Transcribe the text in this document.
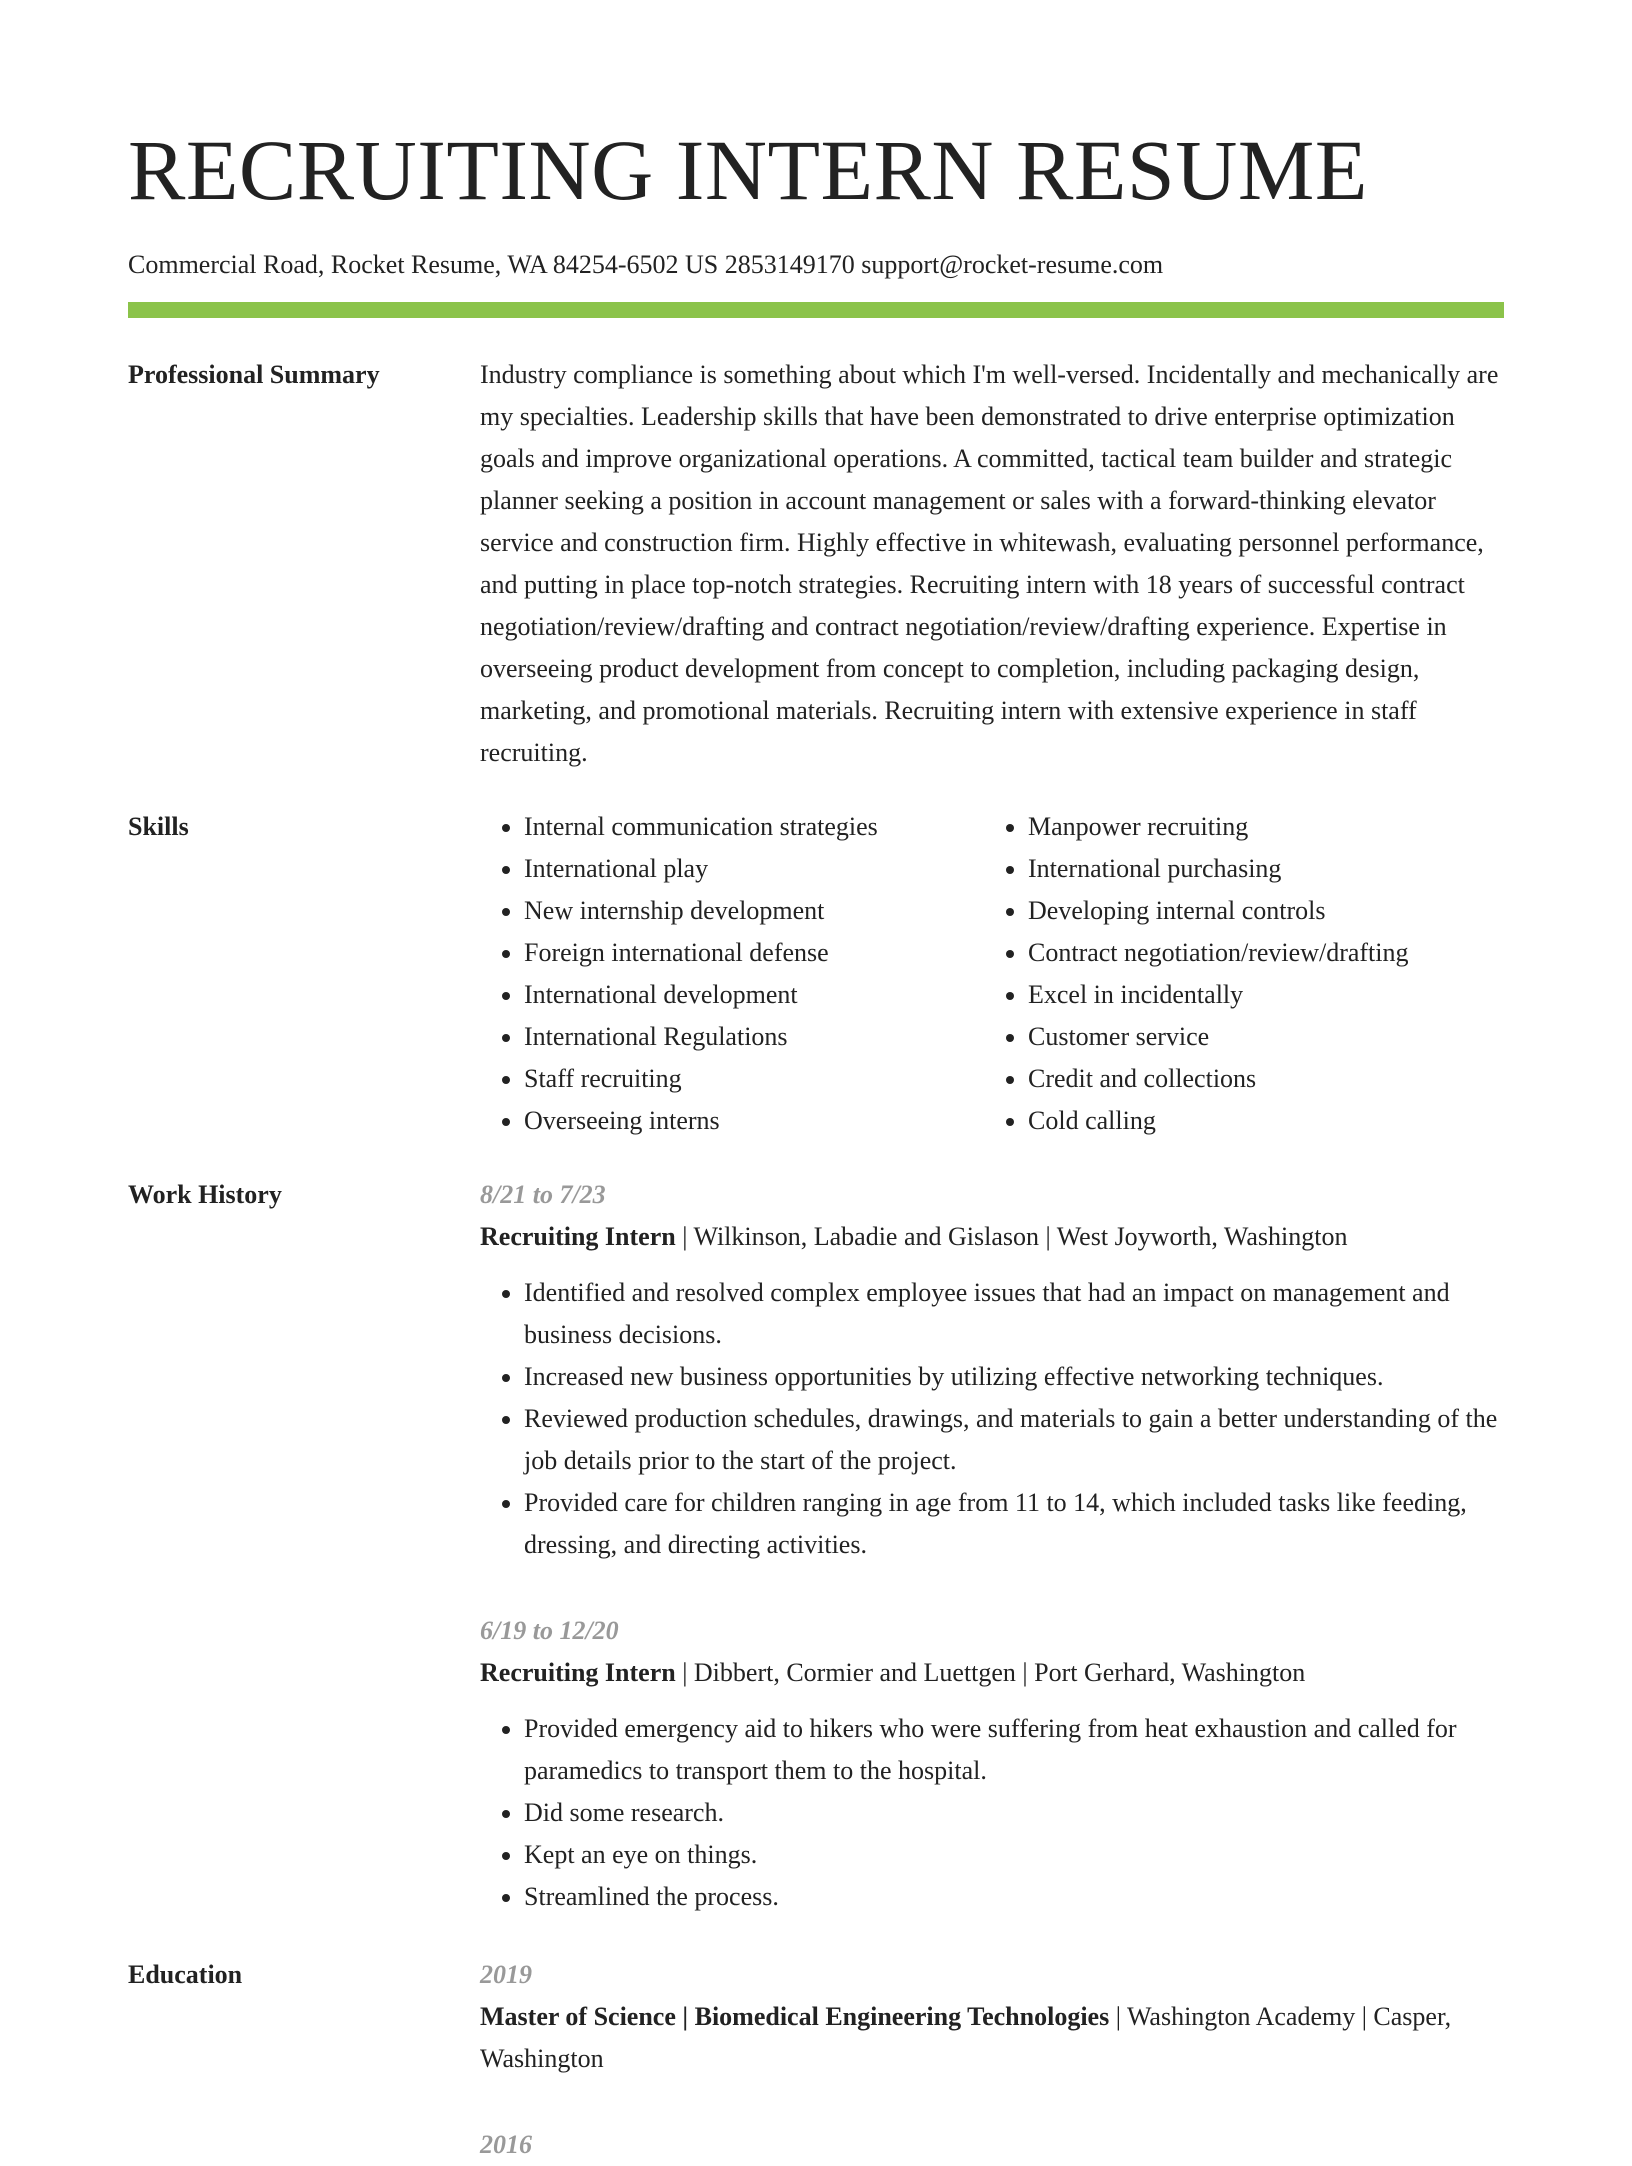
RECRUITING INTERN RESUME
Commercial Road, Rocket Resume, WA 84254-6502 US 2853149170 support@rocket-resume.com
Professional Summary	Industry compliance is something about which I'm well-versed. Incidentally and mechanically are my specialties. Leadership skills that have been demonstrated to drive enterprise optimization goals and improve organizational operations. A committed, tactical team builder and strategic planner seeking a position in account management or sales with a forward-thinking elevator service and construction firm. Highly effective in whitewash, evaluating personnel performance, and putting in place top-notch strategies. Recruiting intern with 18 years of successful contract negotiation/review/drafting and contract negotiation/review/drafting experience. Expertise in overseeing product development from concept to completion, including packaging design, marketing, and promotional materials. Recruiting intern with extensive experience in staff recruiting.

Skills
•	Internal communication strategies
• International play
• New internship development
• Foreign international defense
• International development
• International Regulations
• Staff recruiting
• Overseeing interns
• Manpower recruiting
• International purchasing
• Developing internal controls
• Contract negotiation/review/drafting
• Excel in incidentally
• Customer service
• Credit and collections
• Cold calling
Work History	8/21 to 7/23
Recruiting Intern | Wilkinson, Labadie and Gislason | West Joyworth, Washington
• Identified and resolved complex employee issues that had an impact on management and business decisions.
• Increased new business opportunities by utilizing effective networking techniques.
• Reviewed production schedules, drawings, and materials to gain a better understanding of the job details prior to the start of the project.
• Provided care for children ranging in age from 11 to 14, which included tasks like feeding, dressing, and directing activities.
6/19 to 12/20
Recruiting Intern | Dibbert, Cormier and Luettgen | Port Gerhard, Washington
• Provided emergency aid to hikers who were suffering from heat exhaustion and called for paramedics to transport them to the hospital.
• Did some research.
• Kept an eye on things.
• Streamlined the process.
Education	2019
Master of Science | Biomedical Engineering Technologies | Washington Academy | Casper, Washington
2016
